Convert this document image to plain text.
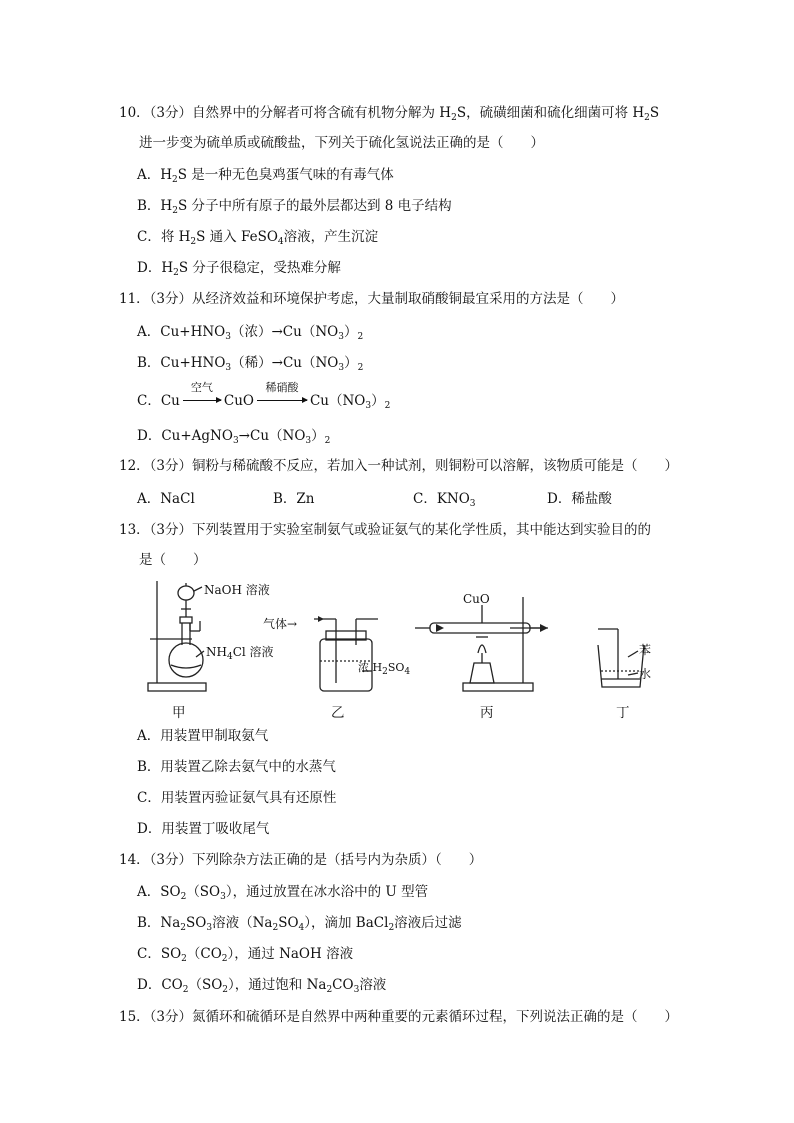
10．（3分）自然界中的分解者可将含硫有机物分解为 $H_2S$，硫磺细菌和硫化细菌可将 $H_2S$
进一步变为硫单质或硫酸盐，下列关于硫化氢说法正确的是（　　）
A．$H_2S$ 是一种无色臭鸡蛋气味的有毒气体
B．$H_2S$ 分子中所有原子的最外层都达到 8 电子结构
C．将 $H_2S$ 通入 FeSO$_4$溶液，产生沉淀
D．$H_2S$ 分子很稳定，受热难分解
11．（3分）从经济效益和环境保护考虑，大量制取硝酸铜最宜采用的方法是（　　）
A．$Cu+HNO_3$（浓）$\to Cu(NO_3)_2$
B．$Cu+HNO_3$（稀）$\to Cu(NO_3)_2$
C．Cu
空气
CuO
稀硝酸
$Cu(NO_3)_2$
D．$Cu+AgNO_3\to Cu(NO_3)_2$
12．（3分）铜粉与稀硫酸不反应，若加入一种试剂，则铜粉可以溶解，该物质可能是（　　）
A．NaCl	B．Zn	C．$KNO_3$	D．稀盐酸
13．（3分）下列装置用于实验室制氨气或验证氨气的某化学性质，其中能达到实验目的的
是（　　）
NaOH 溶液
$NH_4Cl$ 溶液
气体→
浓 $H_2SO_4$
CuO
苯
水
甲	乙	丙	丁
A．用装置甲制取氨气
B．用装置乙除去氨气中的水蒸气
C．用装置丙验证氨气具有还原性
D．用装置丁吸收尾气
14．（3分）下列除杂方法正确的是（括号内为杂质）（　　）
A．$SO_2(SO_3)$，通过放置在冰水浴中的 U 型管
B．$Na_2SO_3$溶液$(Na_2SO_4)$，滴加 BaCl$_2$溶液后过滤
C．$SO_2(CO_2)$，通过 NaOH 溶液
D．$CO_2(SO_2)$，通过饱和 $Na_2CO_3$溶液
15．（3分）氮循环和硫循环是自然界中两种重要的元素循环过程，下列说法正确的是（　　）
